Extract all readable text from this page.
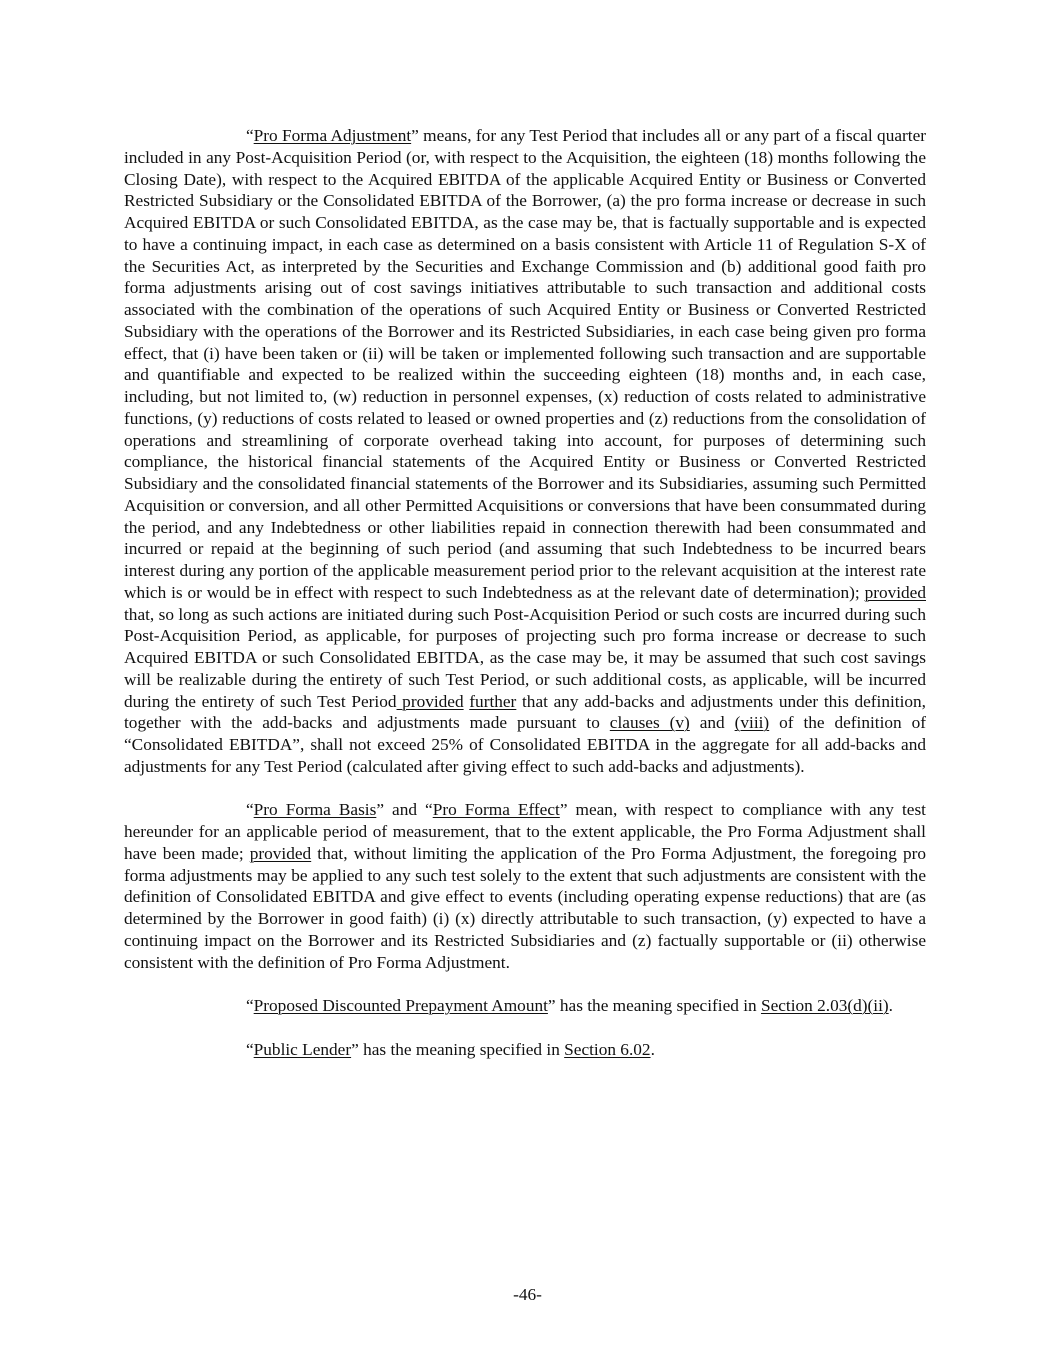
“Pro Forma Adjustment” means, for any Test Period that includes all or any part of a fiscal quarter included in any Post-Acquisition Period (or, with respect to the Acquisition, the eighteen (18) months following the Closing Date), with respect to the Acquired EBITDA of the applicable Acquired Entity or Business or Converted Restricted Subsidiary or the Consolidated EBITDA of the Borrower, (a) the pro forma increase or decrease in such Acquired EBITDA or such Consolidated EBITDA, as the case may be, that is factually supportable and is expected to have a continuing impact, in each case as determined on a basis consistent with Article 11 of Regulation S-X of the Securities Act, as interpreted by the Securities and Exchange Commission and (b) additional good faith pro forma adjustments arising out of cost savings initiatives attributable to such transaction and additional costs associated with the combination of the operations of such Acquired Entity or Business or Converted Restricted Subsidiary with the operations of the Borrower and its Restricted Subsidiaries, in each case being given pro forma effect, that (i) have been taken or (ii) will be taken or implemented following such transaction and are supportable and quantifiable and expected to be realized within the succeeding eighteen (18) months and, in each case, including, but not limited to, (w) reduction in personnel expenses, (x) reduction of costs related to administrative functions, (y) reductions of costs related to leased or owned properties and (z) reductions from the consolidation of operations and streamlining of corporate overhead taking into account, for purposes of determining such compliance, the historical financial statements of the Acquired Entity or Business or Converted Restricted Subsidiary and the consolidated financial statements of the Borrower and its Subsidiaries, assuming such Permitted Acquisition or conversion, and all other Permitted Acquisitions or conversions that have been consummated during the period, and any Indebtedness or other liabilities repaid in connection therewith had been consummated and incurred or repaid at the beginning of such period (and assuming that such Indebtedness to be incurred bears interest during any portion of the applicable measurement period prior to the relevant acquisition at the interest rate which is or would be in effect with respect to such Indebtedness as at the relevant date of determination); provided that, so long as such actions are initiated during such Post-Acquisition Period or such costs are incurred during such Post-Acquisition Period, as applicable, for purposes of projecting such pro forma increase or decrease to such Acquired EBITDA or such Consolidated EBITDA, as the case may be, it may be assumed that such cost savings will be realizable during the entirety of such Test Period, or such additional costs, as applicable, will be incurred during the entirety of such Test Period provided further that any add-backs and adjustments under this definition, together with the add-backs and adjustments made pursuant to clauses (v) and (viii) of the definition of “Consolidated EBITDA”, shall not exceed 25% of Consolidated EBITDA in the aggregate for all add-backs and adjustments for any Test Period (calculated after giving effect to such add-backs and adjustments).

“Pro Forma Basis” and “Pro Forma Effect” mean, with respect to compliance with any test hereunder for an applicable period of measurement, that to the extent applicable, the Pro Forma Adjustment shall have been made; provided that, without limiting the application of the Pro Forma Adjustment, the foregoing pro forma adjustments may be applied to any such test solely to the extent that such adjustments are consistent with the definition of Consolidated EBITDA and give effect to events (including operating expense reductions) that are (as determined by the Borrower in good faith) (i) (x) directly attributable to such transaction, (y) expected to have a continuing impact on the Borrower and its Restricted Subsidiaries and (z) factually supportable or (ii) otherwise consistent with the definition of Pro Forma Adjustment.

“Proposed Discounted Prepayment Amount” has the meaning specified in Section 2.03(d)(ii).

“Public Lender” has the meaning specified in Section 6.02.

-46-
